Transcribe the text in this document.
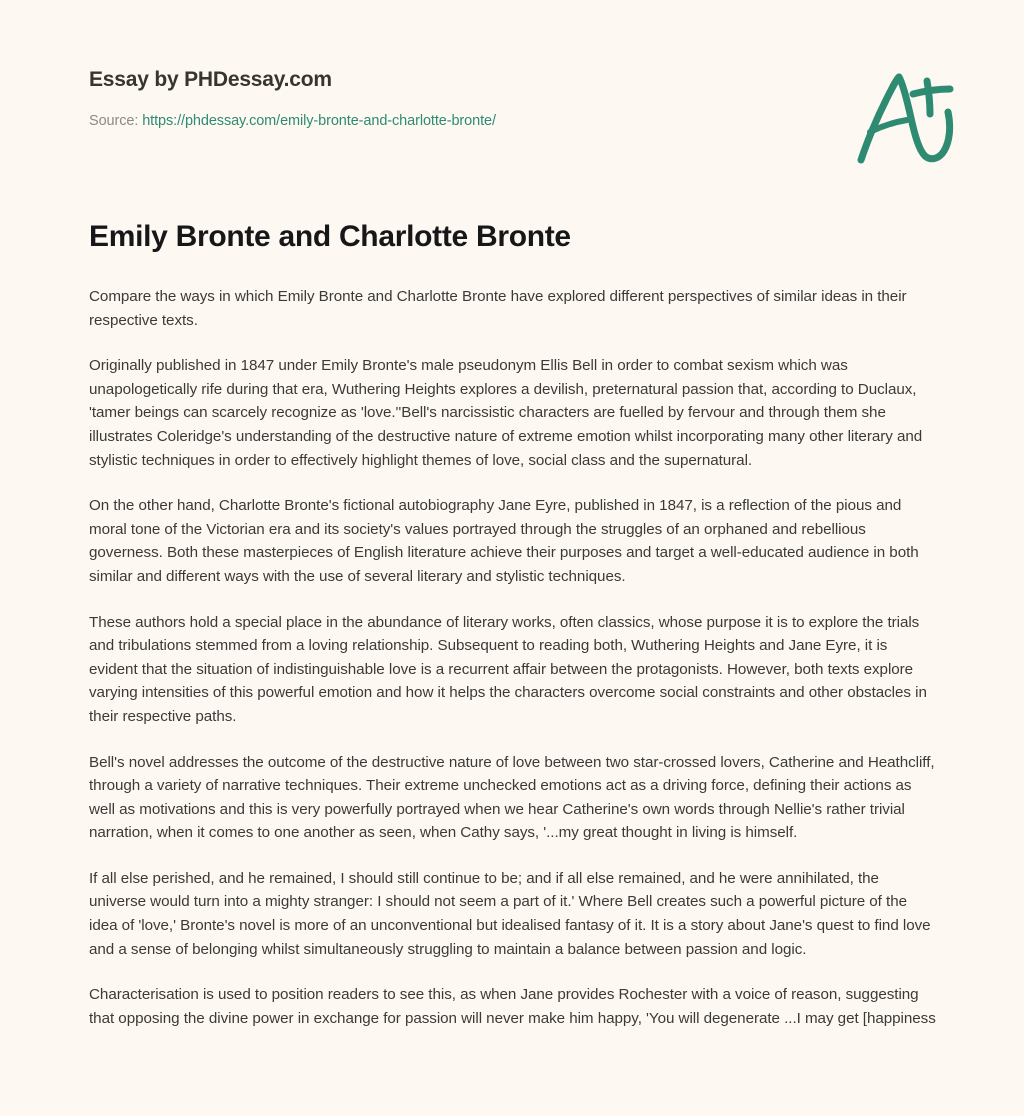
Essay by PHDessay.com
Source: https://phdessay.com/emily-bronte-and-charlotte-bronte/
Emily Bronte and Charlotte Bronte

Compare the ways in which Emily Bronte and Charlotte Bronte have explored different perspectives of similar ideas in their respective texts.

Originally published in 1847 under Emily Bronte's male pseudonym Ellis Bell in order to combat sexism which was unapologetically rife during that era, Wuthering Heights explores a devilish, preternatural passion that, according to Duclaux, 'tamer beings can scarcely recognize as 'love.''Bell's narcissistic characters are fuelled by fervour and through them she illustrates Coleridge's understanding of the destructive nature of extreme emotion whilst incorporating many other literary and stylistic techniques in order to effectively highlight themes of love, social class and the supernatural.

On the other hand, Charlotte Bronte's fictional autobiography Jane Eyre, published in 1847, is a reflection of the pious and moral tone of the Victorian era and its society's values portrayed through the struggles of an orphaned and rebellious governess. Both these masterpieces of English literature achieve their purposes and target a well-educated audience in both similar and different ways with the use of several literary and stylistic techniques.

These authors hold a special place in the abundance of literary works, often classics, whose purpose it is to explore the trials and tribulations stemmed from a loving relationship. Subsequent to reading both, Wuthering Heights and Jane Eyre, it is evident that the situation of indistinguishable love is a recurrent affair between the protagonists. However, both texts explore varying intensities of this powerful emotion and how it helps the characters overcome social constraints and other obstacles in their respective paths.

Bell's novel addresses the outcome of the destructive nature of love between two star-crossed lovers, Catherine and Heathcliff, through a variety of narrative techniques. Their extreme unchecked emotions act as a driving force, defining their actions as well as motivations and this is very powerfully portrayed when we hear Catherine's own words through Nellie's rather trivial narration, when it comes to one another as seen, when Cathy says, '...my great thought in living is himself.

If all else perished, and he remained, I should still continue to be; and if all else remained, and he were annihilated, the universe would turn into a mighty stranger: I should not seem a part of it.' Where Bell creates such a powerful picture of the idea of 'love,' Bronte's novel is more of an unconventional but idealised fantasy of it. It is a story about Jane's quest to find love and a sense of belonging whilst simultaneously struggling to maintain a balance between passion and logic.

Characterisation is used to position readers to see this, as when Jane provides Rochester with a voice of reason, suggesting that opposing the divine power in exchange for passion will never make him happy, 'You will degenerate ...I may get [happiness
